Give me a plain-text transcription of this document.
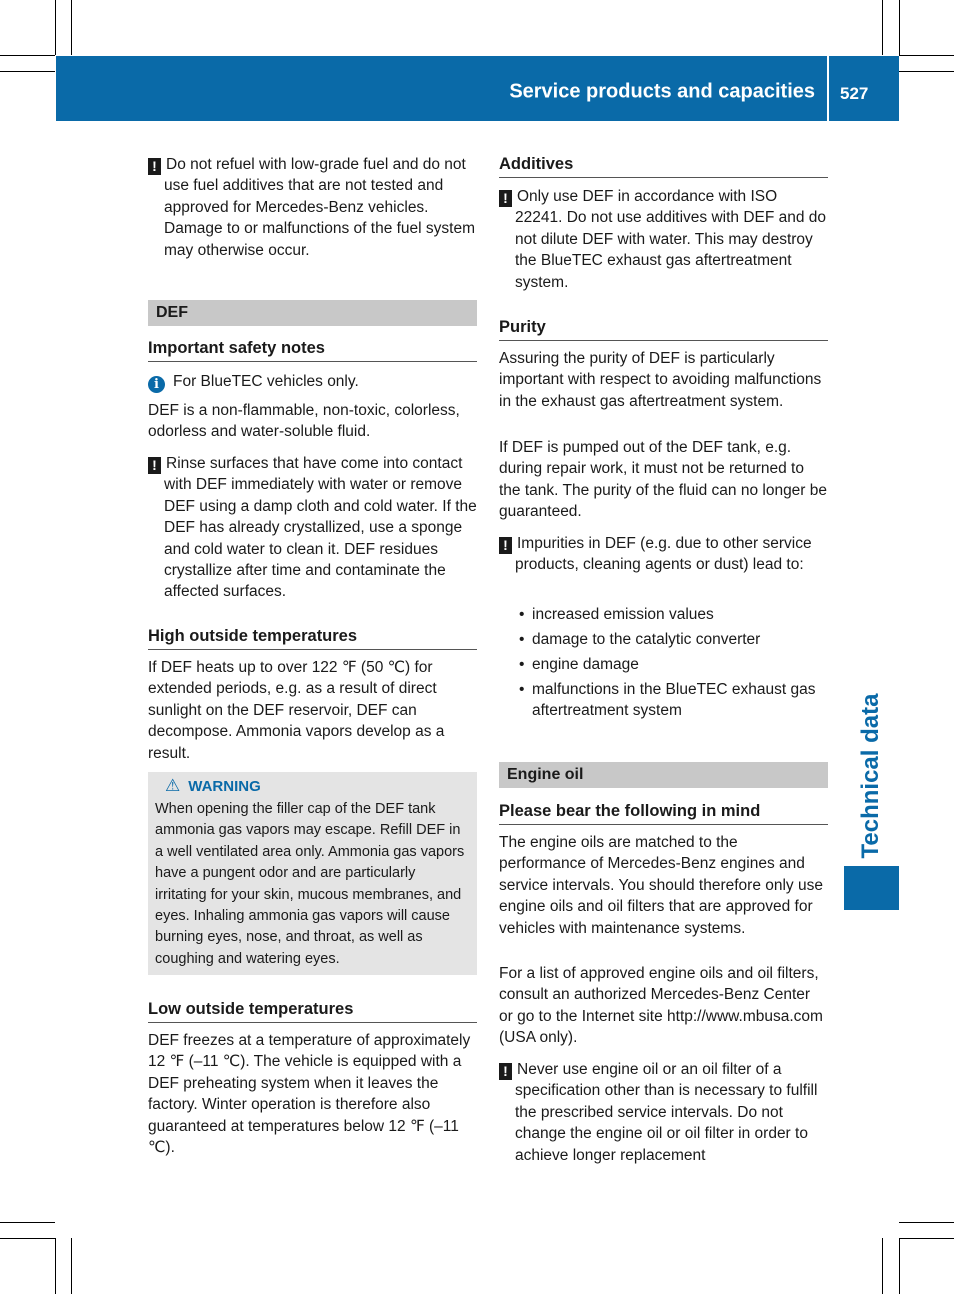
Service products and capacities 527
Technical data
! Do not refuel with low-grade fuel and do not use fuel additives that are not tested and approved for Mercedes-Benz vehicles. Damage to or malfunctions of the fuel system may otherwise occur.
DEF
Important safety notes

i For BlueTEC vehicles only.

DEF is a non-flammable, non-toxic, colorless, odorless and water-soluble fluid.

! Rinse surfaces that have come into contact with DEF immediately with water or remove DEF using a damp cloth and cold water. If the DEF has already crystallized, use a sponge and cold water to clean it. DEF residues crystallize after time and contaminate the affected surfaces.
High outside temperatures

If DEF heats up to over 122 ℉ (50 ℃) for extended periods, e.g. as a result of direct sunlight on the DEF reservoir, DEF can decompose. Ammonia vapors develop as a result.

⚠ WARNING

When opening the filler cap of the DEF tank ammonia gas vapors may escape. Refill DEF in a well ventilated area only. Ammonia gas vapors have a pungent odor and are particularly irritating for your skin, mucous membranes, and eyes. Inhaling ammonia gas vapors will cause burning eyes, nose, and throat, as well as coughing and watering eyes.

Low outside temperatures

DEF freezes at a temperature of approximately 12 ℉ (–11 ℃). The vehicle is equipped with a DEF preheating system when it leaves the factory. Winter operation is therefore also guaranteed at temperatures below 12 ℉ (–11 ℃).

Additives
! Only use DEF in accordance with ISO 22241. Do not use additives with DEF and do not dilute DEF with water. This may destroy the BlueTEC exhaust gas aftertreatment system.
Purity

Assuring the purity of DEF is particularly important with respect to avoiding malfunctions in the exhaust gas aftertreatment system.

If DEF is pumped out of the DEF tank, e.g. during repair work, it must not be returned to the tank. The purity of the fluid can no longer be guaranteed.

! Impurities in DEF (e.g. due to other service products, cleaning agents or dust) lead to:
• increased emission values
• damage to the catalytic converter
• engine damage
• malfunctions in the BlueTEC exhaust gas aftertreatment system
Engine oil
Please bear the following in mind

The engine oils are matched to the performance of Mercedes-Benz engines and service intervals. You should therefore only use engine oils and oil filters that are approved for vehicles with maintenance systems.

For a list of approved engine oils and oil filters, consult an authorized Mercedes-Benz Center or go to the Internet site http://www.mbusa.com (USA only).

! Never use engine oil or an oil filter of a specification other than is necessary to fulfill the prescribed service intervals. Do not change the engine oil or oil filter in order to achieve longer replacement
